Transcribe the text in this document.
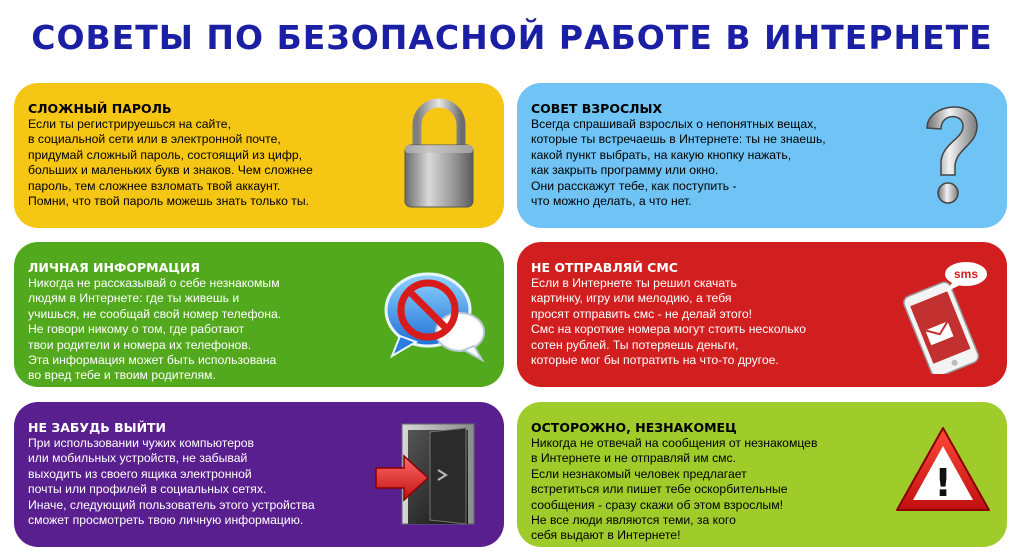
СОВЕТЫ ПО БЕЗОПАСНОЙ РАБОТЕ В ИНТЕРНЕТЕ
СЛОЖНЫЙ ПАРОЛЬ
Если ты регистрируешься на сайте,
в социальной сети или в электронной почте,
придумай сложный пароль, состоящий из цифр,
больших и маленьких букв и знаков. Чем сложнее
пароль, тем сложнее взломать твой аккаунт.
Помни, что твой пароль можешь знать только ты.
СОВЕТ ВЗРОСЛЫХ
Всегда спрашивай взрослых о непонятных вещах,
которые ты встречаешь в Интернете: ты не знаешь,
какой пункт выбрать, на какую кнопку нажать,
как закрыть программу или окно.
Они расскажут тебе, как поступить -
что можно делать, а что нет.
ЛИЧНАЯ ИНФОРМАЦИЯ
Никогда не рассказывай о себе незнакомым
людям в Интернете: где ты живешь и
учишься, не сообщай свой номер телефона.
Не говори никому о том, где работают
твои родители и номера их телефонов.
Эта информация может быть использована
во вред тебе и твоим родителям.
НЕ ОТПРАВЛЯЙ СМС
Если в Интернете ты решил скачать
картинку, игру или мелодию, а тебя
просят отправить смс - не делай этого!
Смс на короткие номера могут стоить несколько
сотен рублей. Ты потеряешь деньги,
которые мог бы потратить на что-то другое.
sms
НЕ ЗАБУДЬ ВЫЙТИ
При использовании чужих компьютеров
или мобильных устройств, не забывай
выходить из своего ящика электронной
почты или профилей в социальных сетях.
Иначе, следующий пользователь этого устройства
сможет просмотреть твою личную информацию.
ОСТОРОЖНО, НЕЗНАКОМЕЦ
Никогда не отвечай на сообщения от незнакомцев
в Интернете и не отправляй им смс.
Если незнакомый человек предлагает
встретиться или пишет тебе оскорбительные
сообщения - сразу скажи об этом взрослым!
Не все люди являются теми, за кого
себя выдают в Интернете!
!
